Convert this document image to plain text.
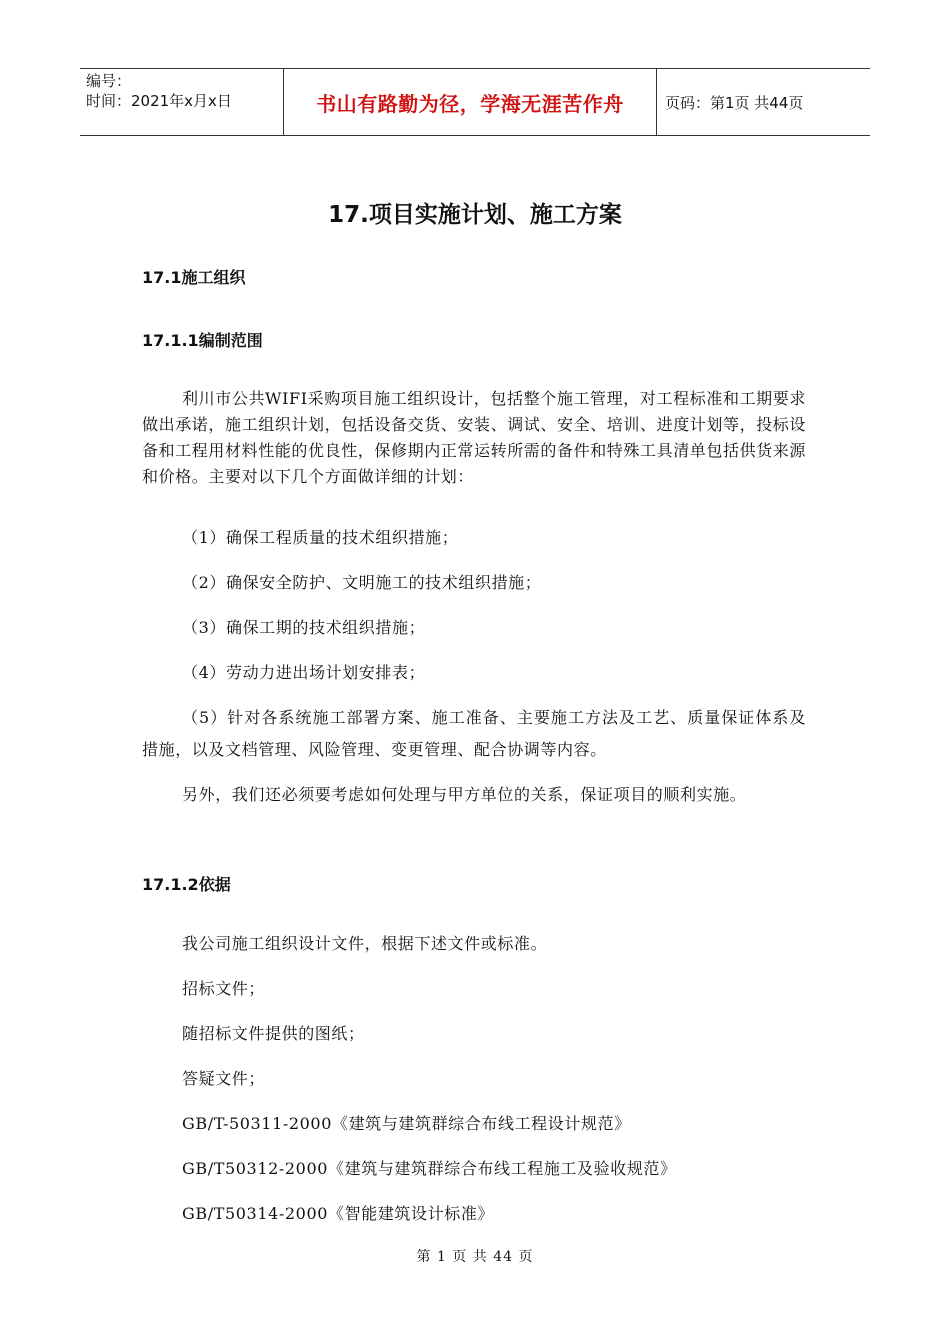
编号：
时间：2021年x月x日	书山有路勤为径，学海无涯苦作舟	页码：第1页 共44页
17.项目实施计划、施工方案
17.1施工组织
17.1.1编制范围
利川市公共WIFI采购项目施工组织设计，包括整个施工管理，对工程标准和工期要求做出承诺，施工组织计划，包括设备交货、安装、调试、安全、培训、进度计划等，投标设备和工程用材料性能的优良性，保修期内正常运转所需的备件和特殊工具清单包括供货来源和价格。主要对以下几个方面做详细的计划：
（1）确保工程质量的技术组织措施；
（2）确保安全防护、文明施工的技术组织措施；
（3）确保工期的技术组织措施；
（4）劳动力进出场计划安排表；
（5）针对各系统施工部署方案、施工准备、主要施工方法及工艺、质量保证体系及措施，以及文档管理、风险管理、变更管理、配合协调等内容。
另外，我们还必须要考虑如何处理与甲方单位的关系，保证项目的顺利实施。
17.1.2依据
我公司施工组织设计文件，根据下述文件或标准。
招标文件；
随招标文件提供的图纸；
答疑文件；
GB/T-50311-2000《建筑与建筑群综合布线工程设计规范》
GB/T50312-2000《建筑与建筑群综合布线工程施工及验收规范》
GB/T50314-2000《智能建筑设计标准》
第 1 页 共 44 页
